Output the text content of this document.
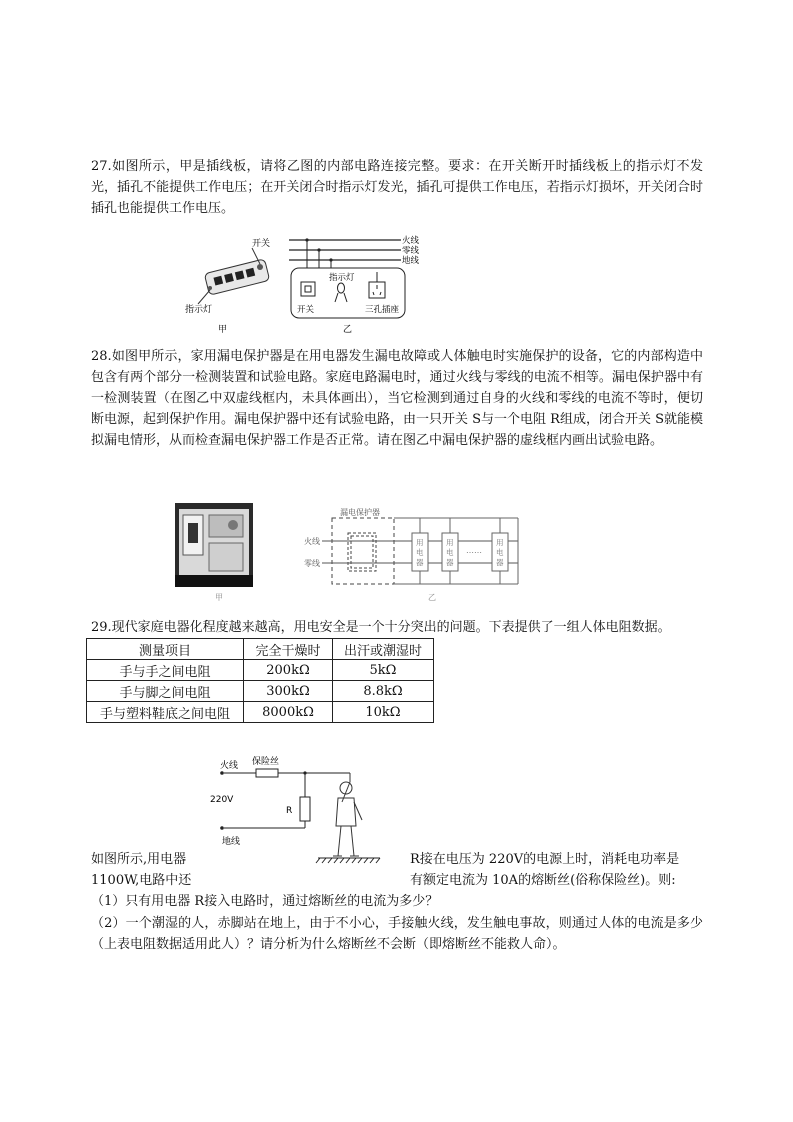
27.如图所示，甲是插线板，请将乙图的内部电路连接完整。要求：在开关断开时插线板上的指示灯不发光，插孔不能提供工作电压；在开关闭合时指示灯发光，插孔可提供工作电压，若指示灯损坏，开关闭合时插孔也能提供工作电压。

开关
指示灯
甲
火线
零线
地线
开关
指示灯
三孔插座
乙

28.如图甲所示，家用漏电保护器是在用电器发生漏电故障或人体触电时实施保护的设备，它的内部构造中包含有两个部分一检测装置和试验电路。家庭电路漏电时，通过火线与零线的电流不相等。漏电保护器中有一检测装置（在图乙中双虚线框内，未具体画出），当它检测到通过自身的火线和零线的电流不等时，便切断电源，起到保护作用。漏电保护器中还有试验电路，由一只开关 S与一个电阻 R组成，闭合开关 S就能模拟漏电情形，从而检查漏电保护器工作是否正常。请在图乙中漏电保护器的虚线框内画出试验电路。

甲
漏电保护器
火线
零线
用
电
器
用
电
器
……
用
电
器
乙
29.现代家庭电器化程度越来越高，用电安全是一个十分突出的问题。下表提供了一组人体电阻数据。
测量项目	完全干燥时	出汗或潮湿时
手与手之间电阻	200kΩ	5kΩ
手与脚之间电阻	300kΩ	8.8kΩ
手与塑料鞋底之间电阻	8000kΩ	10kΩ
火线 保险丝
R
220V
地线
如图所示,用电器	R接在电压为 220V的电源上时，消耗电功率是
1100W,电路中还	有额定电流为 10A的熔断丝(俗称保险丝)。则:
（1）只有用电器 R接入电路时，通过熔断丝的电流为多少？

（2）一个潮湿的人，赤脚站在地上，由于不小心，手接触火线，发生触电事故，则通过人体的电流是多少（上表电阻数据适用此人）？请分析为什么熔断丝不会断（即熔断丝不能救人命）。
